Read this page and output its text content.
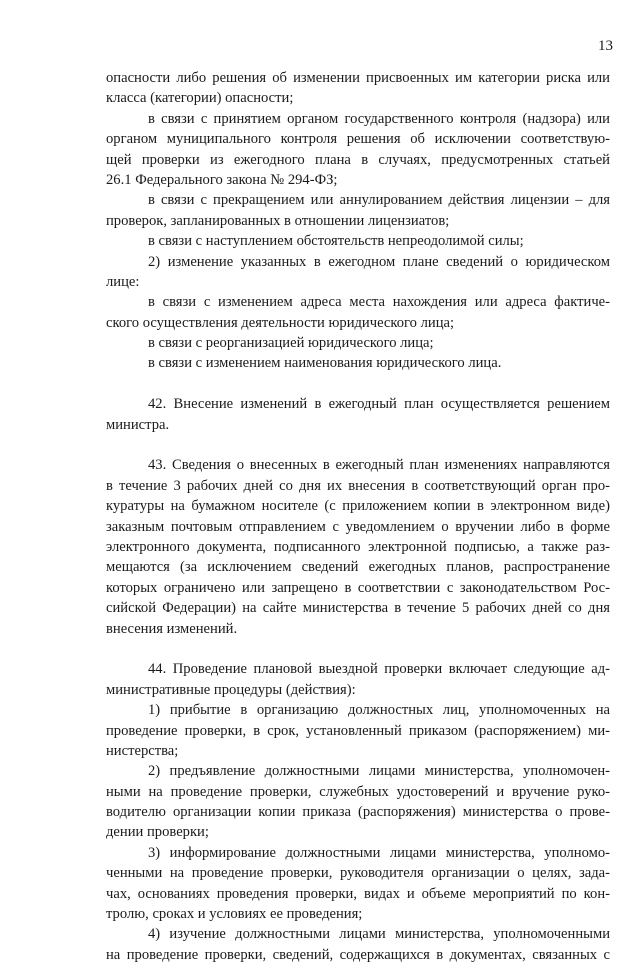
13
опасности либо решения об изменении присвоенных им категории риска или
класса (категории) опасности;
в связи с принятием органом государственного контроля (надзора) или
органом муниципального контроля решения об исключении соответствую-
щей проверки из ежегодного плана в случаях, предусмотренных статьей
26.1 Федерального закона № 294-ФЗ;
в связи с прекращением или аннулированием действия лицензии – для
проверок, запланированных в отношении лицензиатов;
в связи с наступлением обстоятельств непреодолимой силы;
2) изменение указанных в ежегодном плане сведений о юридическом
лице:
в связи с изменением адреса места нахождения или адреса фактиче-
ского осуществления деятельности юридического лица;
в связи с реорганизацией юридического лица;
в связи с изменением наименования юридического лица.
42. Внесение изменений в ежегодный план осуществляется решением
министра.
43. Сведения о внесенных в ежегодный план изменениях направляются
в течение 3 рабочих дней со дня их внесения в соответствующий орган про-
куратуры на бумажном носителе (с приложением копии в электронном виде)
заказным почтовым отправлением с уведомлением о вручении либо в форме
электронного документа, подписанного электронной подписью, а также раз-
мещаются (за исключением сведений ежегодных планов, распространение
которых ограничено или запрещено в соответствии с законодательством Рос-
сийской Федерации) на сайте министерства в течение 5 рабочих дней со дня
внесения изменений.
44. Проведение плановой выездной проверки включает следующие ад-
министративные процедуры (действия):
1) прибытие в организацию должностных лиц, уполномоченных на
проведение проверки, в срок, установленный приказом (распоряжением) ми-
нистерства;
2) предъявление должностными лицами министерства, уполномочен-
ными на проведение проверки, служебных удостоверений и вручение руко-
водителю организации копии приказа (распоряжения) министерства о прове-
дении проверки;
3) информирование должностными лицами министерства, уполномо-
ченными на проведение проверки, руководителя организации о целях, зада-
чах, основаниях проведения проверки, видах и объеме мероприятий по кон-
тролю, сроках и условиях ее проведения;
4) изучение должностными лицами министерства, уполномоченными
на проведение проверки, сведений, содержащихся в документах, связанных с
